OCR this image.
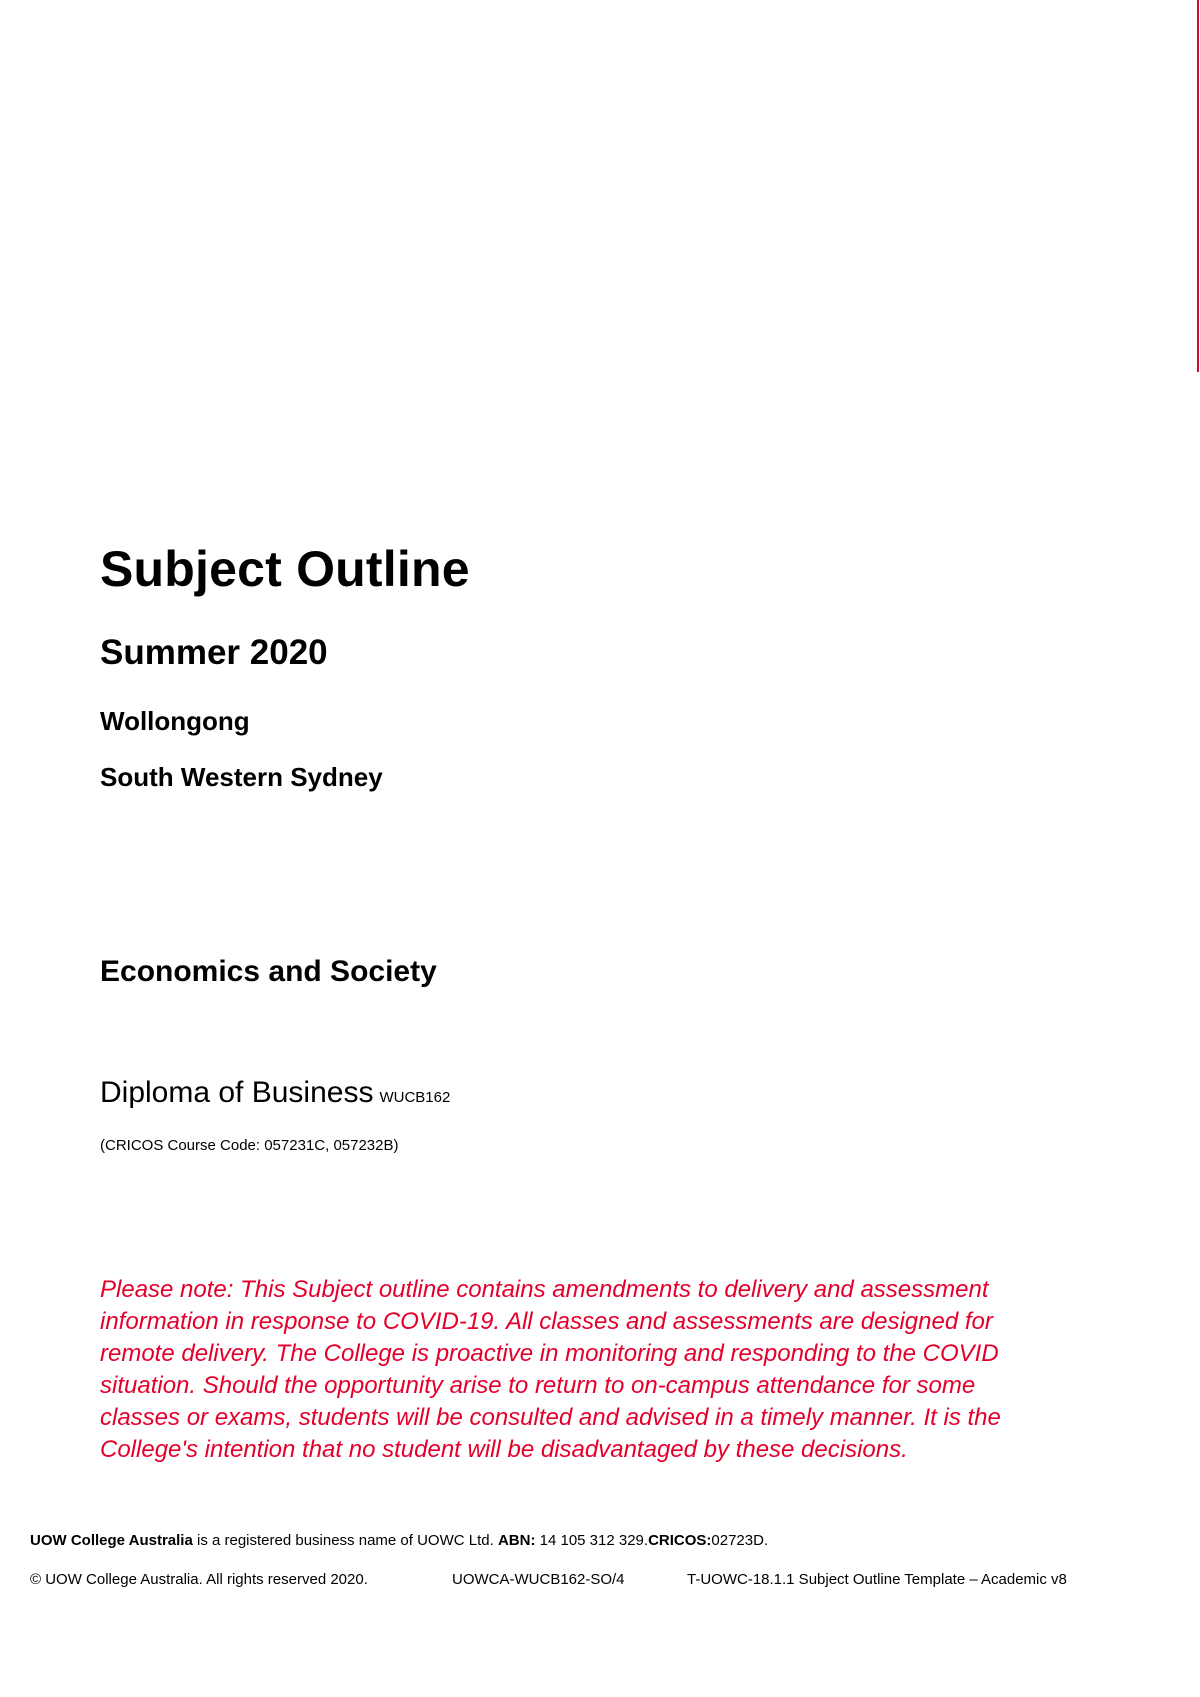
Subject Outline
Summer 2020

Wollongong

South Western Sydney

Economics and Society

Diploma of Business WUCB162

(CRICOS Course Code: 057231C, 057232B)

Please note: This Subject outline contains amendments to delivery and assessment information in response to COVID-19. All classes and assessments are designed for remote delivery. The College is proactive in monitoring and responding to the COVID situation. Should the opportunity arise to return to on-campus attendance for some classes or exams, students will be consulted and advised in a timely manner. It is the College's intention that no student will be disadvantaged by these decisions.

UOW College Australia is a registered business name of UOWC Ltd. ABN: 14 105 312 329.CRICOS:02723D.

© UOW College Australia. All rights reserved 2020.	UOWCA-WUCB162-SO/4	T-UOWC-18.1.1 Subject Outline Template – Academic v8
